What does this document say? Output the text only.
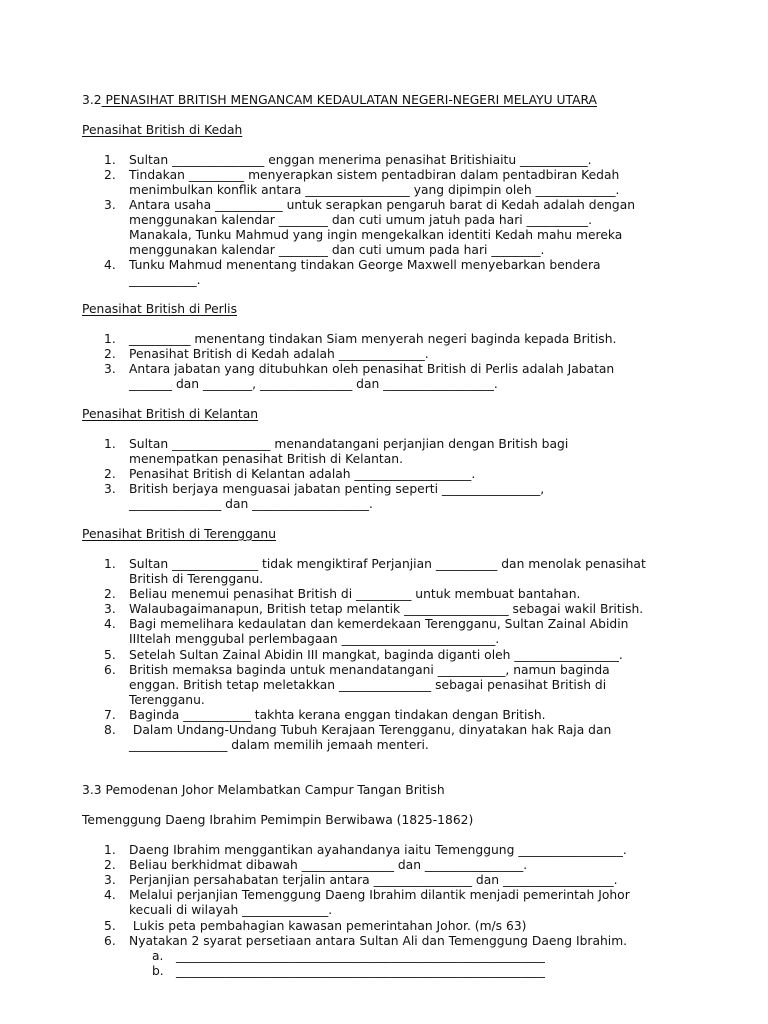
3.2 PENASIHAT BRITISH MENGANCAM KEDAULATAN NEGERI-NEGERI MELAYU UTARA
Penasihat British di Kedah
1. Sultan _______________ enggan menerima penasihat Britishiaitu ___________.
2. Tindakan _________ menyerapkan sistem pentadbiran dalam pentadbiran Kedah
menimbulkan konflik antara _________________ yang dipimpin oleh _____________.
3. Antara usaha ___________ untuk serapkan pengaruh barat di Kedah adalah dengan
menggunakan kalendar ________ dan cuti umum jatuh pada hari __________.
Manakala, Tunku Mahmud yang ingin mengekalkan identiti Kedah mahu mereka
menggunakan kalendar ________ dan cuti umum pada hari ________.
4. Tunku Mahmud menentang tindakan George Maxwell menyebarkan bendera
___________.
Penasihat British di Perlis
1. __________ menentang tindakan Siam menyerah negeri baginda kepada British.
2. Penasihat British di Kedah adalah ______________.
3. Antara jabatan yang ditubuhkan oleh penasihat British di Perlis adalah Jabatan
_______ dan ________, _______________ dan __________________.
Penasihat British di Kelantan
1. Sultan ________________ menandatangani perjanjian dengan British bagi
menempatkan penasihat British di Kelantan.
2. Penasihat British di Kelantan adalah ___________________.
3. British berjaya menguasai jabatan penting seperti ________________,
_______________ dan ___________________.
Penasihat British di Terengganu
1. Sultan ______________ tidak mengiktiraf Perjanjian __________ dan menolak penasihat
British di Terengganu.
2. Beliau menemui penasihat British di _________ untuk membuat bantahan.
3. Walaubagaimanapun, British tetap melantik _________________ sebagai wakil British.
4. Bagi memelihara kedaulatan dan kemerdekaan Terengganu, Sultan Zainal Abidin
IIItelah menggubal perlembagaan _________________________.
5. Setelah Sultan Zainal Abidin III mangkat, baginda diganti oleh _________________.
6. British memaksa baginda untuk menandatangani ___________, namun baginda
enggan. British tetap meletakkan _______________ sebagai penasihat British di
Terengganu.
7. Baginda ___________ takhta kerana enggan tindakan dengan British.
8. Dalam Undang-Undang Tubuh Kerajaan Terengganu, dinyatakan hak Raja dan
________________ dalam memilih jemaah menteri.
3.3 Pemodenan Johor Melambatkan Campur Tangan British
Temenggung Daeng Ibrahim Pemimpin Berwibawa (1825-1862)
1. Daeng Ibrahim menggantikan ayahandanya iaitu Temenggung _________________.
2. Beliau berkhidmat dibawah _______________ dan ________________.
3. Perjanjian persahabatan terjalin antara ________________ dan __________________.
4. Melalui perjanjian Temenggung Daeng Ibrahim dilantik menjadi pemerintah Johor
kecuali di wilayah ______________.
5. Lukis peta pembahagian kawasan pemerintahan Johor. (m/s 63)
6. Nyatakan 2 syarat persetiaan antara Sultan Ali dan Temenggung Daeng Ibrahim.
a. ____________________________________________________________
b. ____________________________________________________________
